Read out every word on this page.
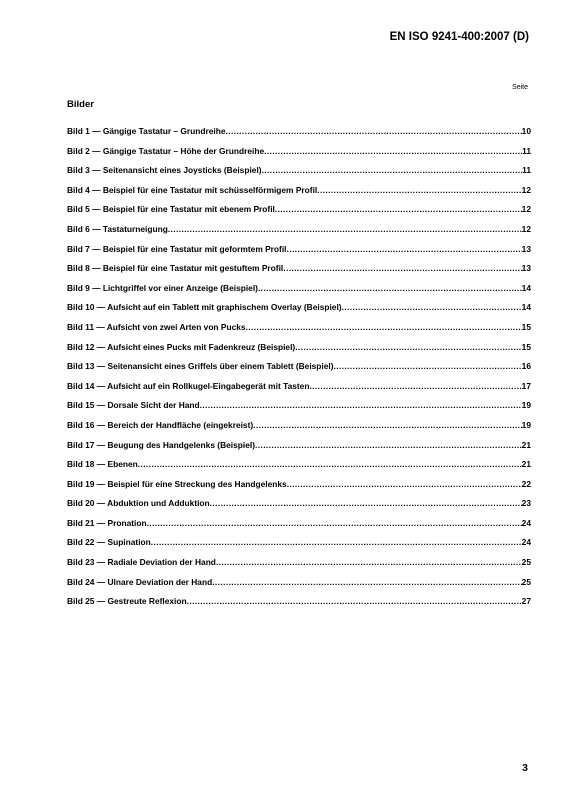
EN ISO 9241-400:2007 (D)
Seite
Bilder
Bild 1 — Gängige Tastatur – Grundreihe .....	10
Bild 2 — Gängige Tastatur – Höhe der Grundreihe .....	11
Bild 3 — Seitenansicht eines Joysticks (Beispiel) .....	11
Bild 4 — Beispiel für eine Tastatur mit schüsselförmigem Profil .....	12
Bild 5 — Beispiel für eine Tastatur mit ebenem Profil .....	12
Bild 6 — Tastaturneigung .....	12
Bild 7 — Beispiel für eine Tastatur mit geformtem Profil .....	13
Bild 8 — Beispiel für eine Tastatur mit gestuftem Profil .....	13
Bild 9 — Lichtgriffel vor einer Anzeige (Beispiel) .....	14
Bild 10 — Aufsicht auf ein Tablett mit graphischem Overlay (Beispiel) .....	14
Bild 11 — Aufsicht von zwei Arten von Pucks .....	15
Bild 12 — Aufsicht eines Pucks mit Fadenkreuz (Beispiel) .....	15
Bild 13 — Seitenansicht eines Griffels über einem Tablett (Beispiel) .....	16
Bild 14 — Aufsicht auf ein Rollkugel-Eingabegerät mit Tasten .....	17
Bild 15 — Dorsale Sicht der Hand .....	19
Bild 16 — Bereich der Handfläche (eingekreist) .....	19
Bild 17 — Beugung des Handgelenks (Beispiel) .....	21
Bild 18 — Ebenen .....	21
Bild 19 — Beispiel für eine Streckung des Handgelenks .....	22
Bild 20 — Abduktion und Adduktion .....	23
Bild 21 — Pronation .....	24
Bild 22 — Supination .....	24
Bild 23 — Radiale Deviation der Hand .....	25
Bild 24 — Ulnare Deviation der Hand .....	25
Bild 25 — Gestreute Reflexion .....	27
3
